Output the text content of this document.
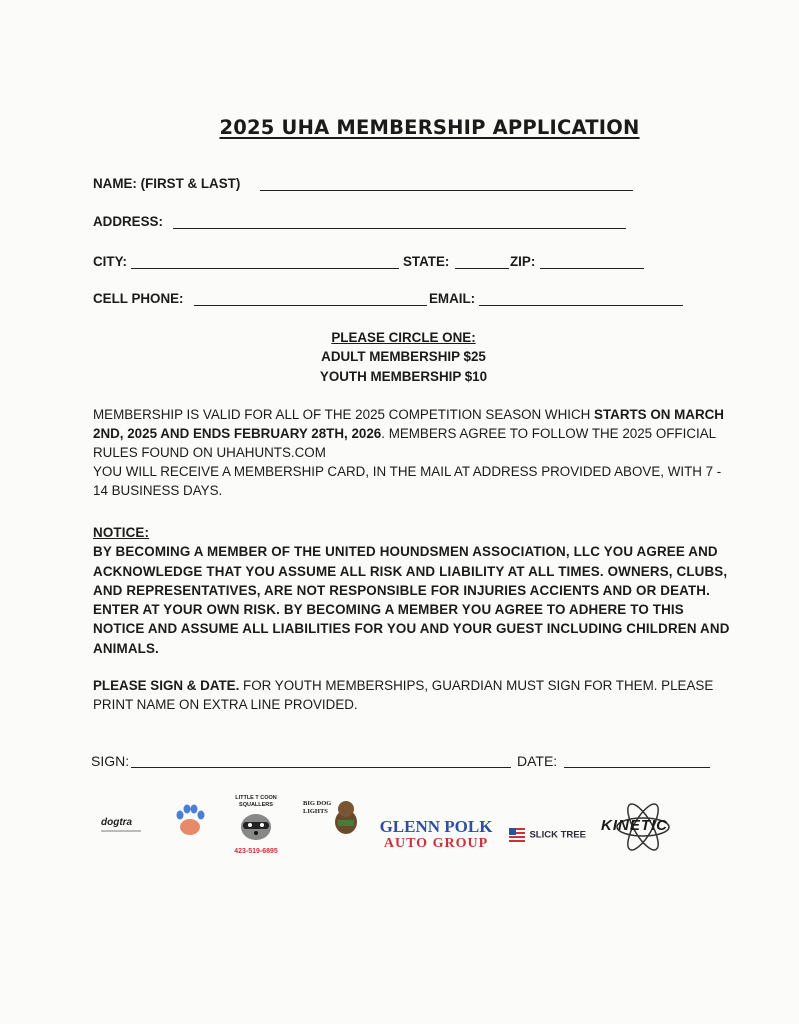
2025 UHA MEMBERSHIP APPLICATION
NAME: (FIRST & LAST)
ADDRESS:
CITY:	STATE:	ZIP:
CELL PHONE:	EMAIL:
PLEASE CIRCLE ONE:
ADULT MEMBERSHIP $25
YOUTH MEMBERSHIP $10
MEMBERSHIP IS VALID FOR ALL OF THE 2025 COMPETITION SEASON WHICH STARTS ON MARCH 2ND, 2025 AND ENDS FEBRUARY 28TH, 2026. MEMBERS AGREE TO FOLLOW THE 2025 OFFICIAL RULES FOUND ON UHAHUNTS.COM
YOU WILL RECEIVE A MEMBERSHIP CARD, IN THE MAIL AT ADDRESS PROVIDED ABOVE, WITH 7 - 14 BUSINESS DAYS.
NOTICE:
BY BECOMING A MEMBER OF THE UNITED HOUNDSMEN ASSOCIATION, LLC YOU AGREE AND ACKNOWLEDGE THAT YOU ASSUME ALL RISK AND LIABILITY AT ALL TIMES. OWNERS, CLUBS, AND REPRESENTATIVES, ARE NOT RESPONSIBLE FOR INJURIES ACCIENTS AND OR DEATH. ENTER AT YOUR OWN RISK. BY BECOMING A MEMBER YOU AGREE TO ADHERE TO THIS NOTICE AND ASSUME ALL LIABILITIES FOR YOU AND YOUR GUEST INCLUDING CHILDREN AND ANIMALS.
PLEASE SIGN & DATE. FOR YOUTH MEMBERSHIPS, GUARDIAN MUST SIGN FOR THEM. PLEASE PRINT NAME ON EXTRA LINE PROVIDED.
SIGN:	DATE:
dogtra
LITTLE T COON SQUALLERS
423-519-6895
BIG DOG LIGHTS
GLENN POLK
AUTO GROUP
SLICK TREE
KINETIC
